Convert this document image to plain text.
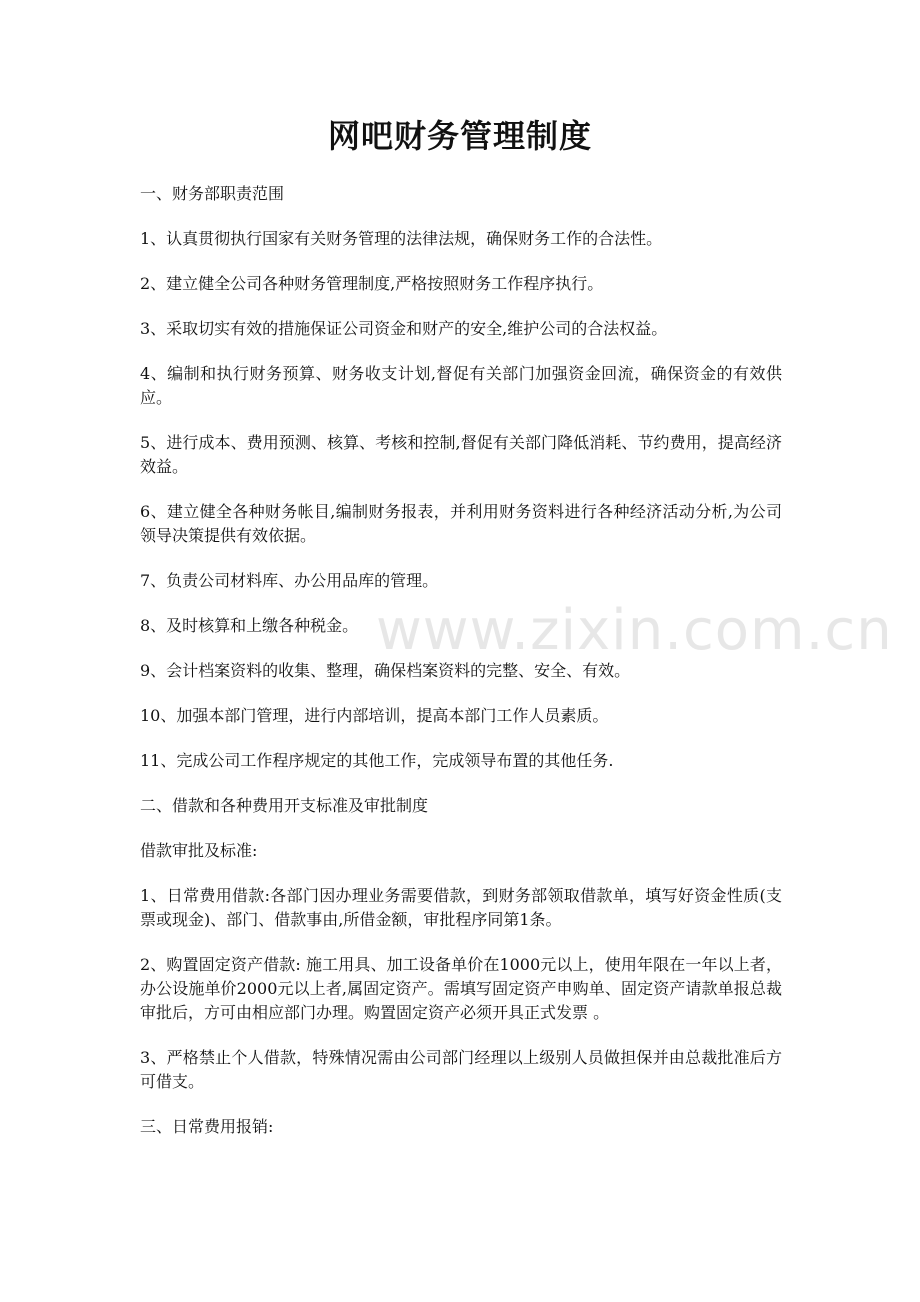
网吧财务管理制度

一、财务部职责范围

1、认真贯彻执行国家有关财务管理的法律法规，确保财务工作的合法性。

2、建立健全公司各种财务管理制度,严格按照财务工作程序执行。

3、采取切实有效的措施保证公司资金和财产的安全,维护公司的合法权益。

4、编制和执行财务预算、财务收支计划,督促有关部门加强资金回流，确保资金的有效供应。

5、进行成本、费用预测、核算、考核和控制,督促有关部门降低消耗、节约费用，提高经济效益。

6、建立健全各种财务帐目,编制财务报表，并利用财务资料进行各种经济活动分析,为公司领导决策提供有效依据。

7、负责公司材料库、办公用品库的管理。

8、及时核算和上缴各种税金。

9、会计档案资料的收集、整理，确保档案资料的完整、安全、有效。

10、加强本部门管理，进行内部培训，提高本部门工作人员素质。

11、完成公司工作程序规定的其他工作，完成领导布置的其他任务.

二、借款和各种费用开支标准及审批制度

借款审批及标准:

1、日常费用借款:各部门因办理业务需要借款，到财务部领取借款单，填写好资金性质(支票或现金)、部门、借款事由,所借金额，审批程序同第1条。

2、购置固定资产借款: 施工用具、加工设备单价在1000元以上，使用年限在一年以上者，办公设施单价2000元以上者,属固定资产。需填写固定资产申购单、固定资产请款单报总裁审批后，方可由相应部门办理。购置固定资产必须开具正式发票 。

3、严格禁止个人借款，特殊情况需由公司部门经理以上级别人员做担保并由总裁批准后方可借支。

三、日常费用报销:

www.zixin.com.cn
